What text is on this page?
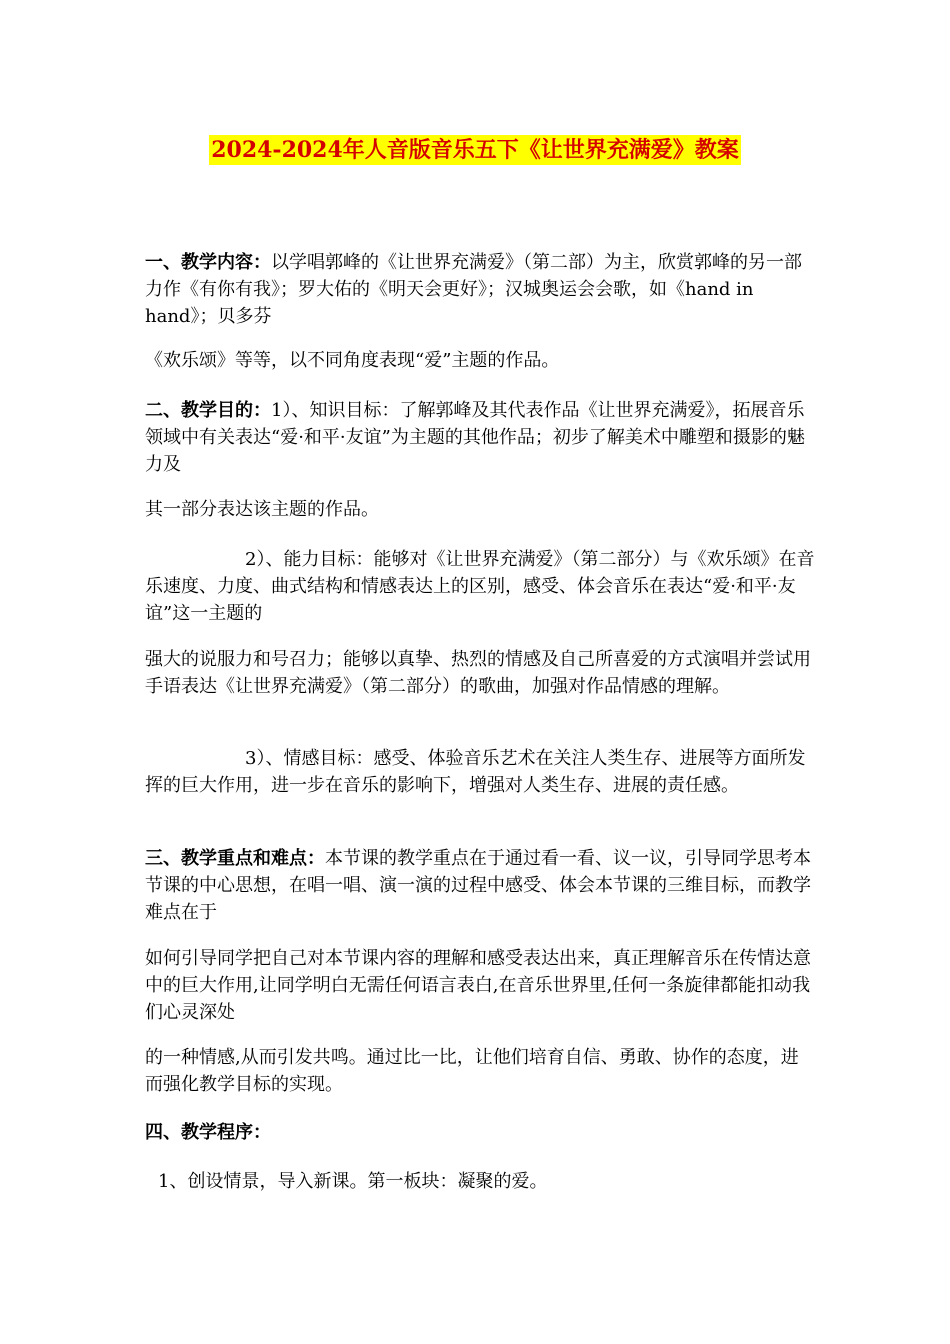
2024-2024年人音版音乐五下《让世界充满爱》教案

一、教学内容：以学唱郭峰的《让世界充满爱》（第二部）为主，欣赏郭峰的另一部力作《有你有我》；罗大佑的《明天会更好》；汉城奥运会会歌，如《hand in hand》；贝多芬

《欢乐颂》等等，以不同角度表现“爱”主题的作品。

二、教学目的：1）、知识目标：了解郭峰及其代表作品《让世界充满爱》，拓展音乐领域中有关表达“爱·和平·友谊”为主题的其他作品；初步了解美术中雕塑和摄影的魅力及

其一部分表达该主题的作品。

2）、能力目标：能够对《让世界充满爱》（第二部分）与《欢乐颂》在音乐速度、力度、曲式结构和情感表达上的区别，感受、体会音乐在表达“爱·和平·友谊”这一主题的

强大的说服力和号召力；能够以真挚、热烈的情感及自己所喜爱的方式演唱并尝试用手语表达《让世界充满爱》（第二部分）的歌曲，加强对作品情感的理解。

3）、情感目标：感受、体验音乐艺术在关注人类生存、进展等方面所发挥的巨大作用，进一步在音乐的影响下，增强对人类生存、进展的责任感。

三、教学重点和难点：本节课的教学重点在于通过看一看、议一议，引导同学思考本节课的中心思想，在唱一唱、演一演的过程中感受、体会本节课的三维目标，而教学难点在于

如何引导同学把自己对本节课内容的理解和感受表达出来，真正理解音乐在传情达意中的巨大作用,让同学明白无需任何语言表白,在音乐世界里,任何一条旋律都能扣动我们心灵深处

的一种情感,从而引发共鸣。通过比一比，让他们培育自信、勇敢、协作的态度，进而强化教学目标的实现。

四、教学程序：

1、创设情景，导入新课。第一板块：凝聚的爱。
